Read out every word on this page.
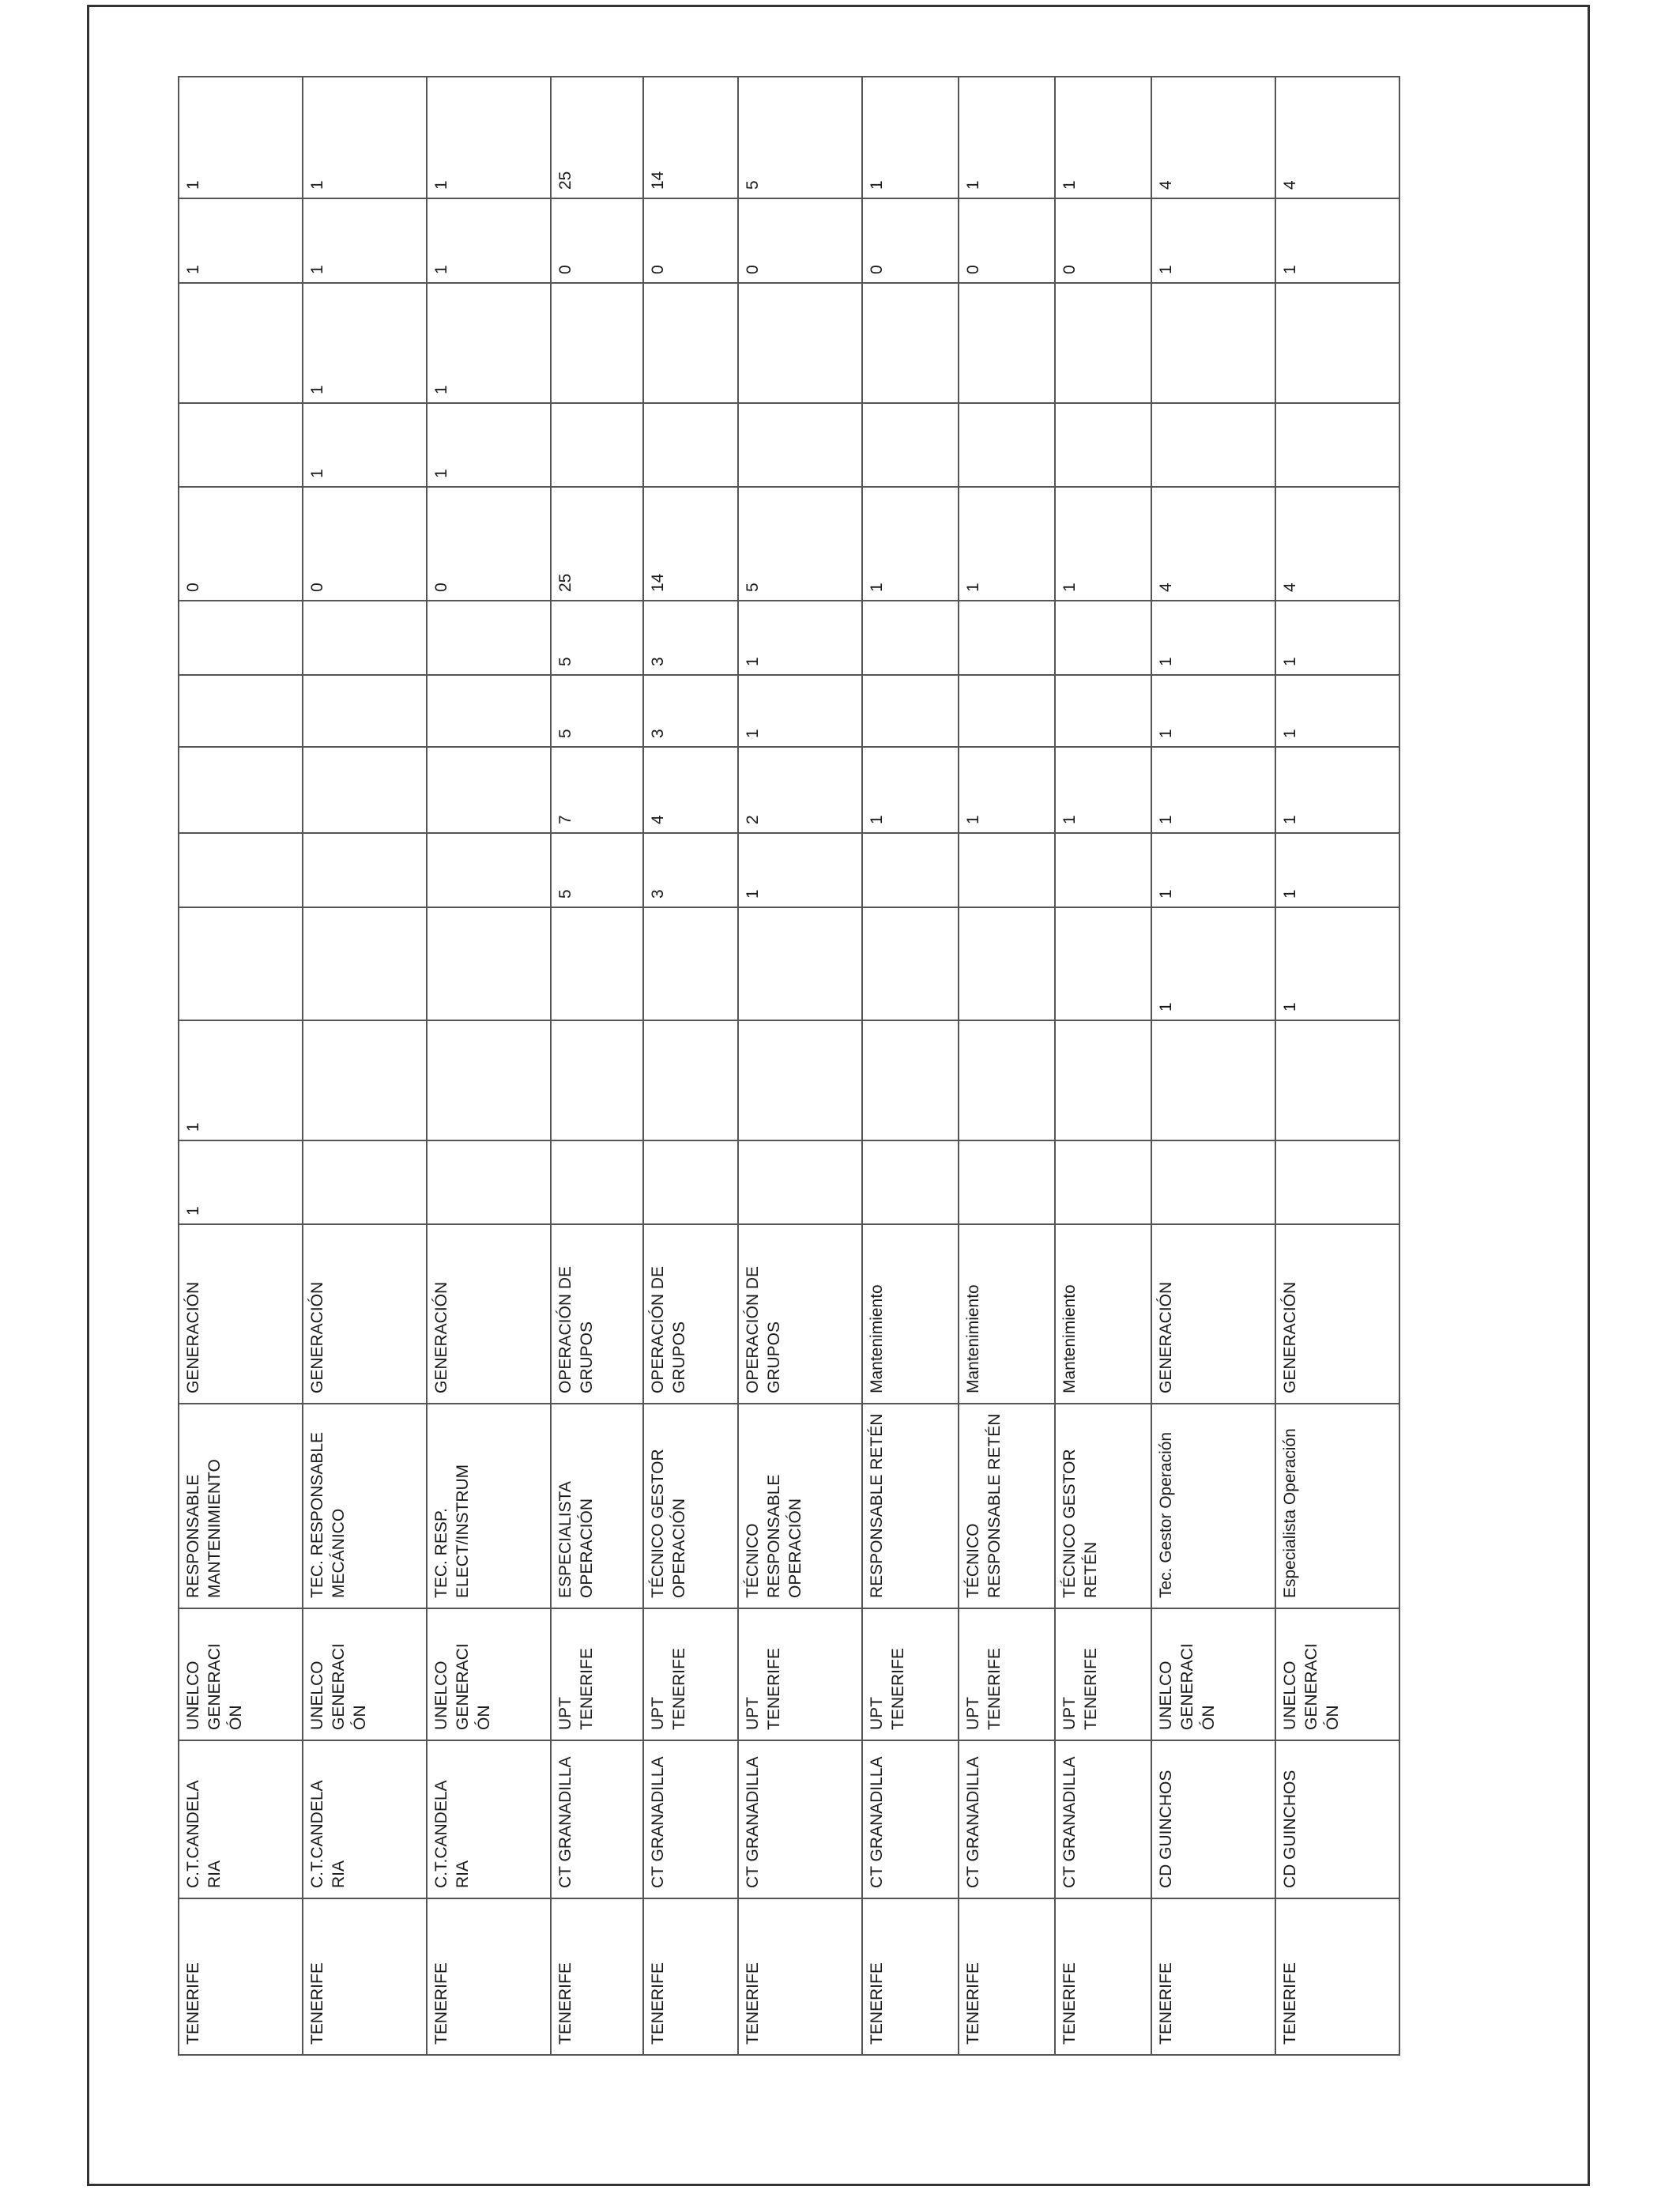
TENERIFE	C.T.CANDELA RIA	UNELCO GENERACI ÓN	RESPONSABLE MANTENIMIENTO	GENERACIÓN	1	1						0			1	1
TENERIFE	C.T.CANDELA RIA	UNELCO GENERACI ÓN	TEC. RESPONSABLE MECÁNICO	GENERACIÓN								0	1	1	1	1
TENERIFE	C.T.CANDELA RIA	UNELCO GENERACI ÓN	TEC. RESP. ELECT/INSTRUM	GENERACIÓN								0	1	1	1	1
TENERIFE	CT GRANADILLA	UPT TENERIFE	ESPECIALISTA OPERACIÓN	OPERACIÓN DE GRUPOS				5	7	5	5	25			0	25
TENERIFE	CT GRANADILLA	UPT TENERIFE	TÉCNICO GESTOR OPERACIÓN	OPERACIÓN DE GRUPOS				3	4	3	3	14			0	14
TENERIFE	CT GRANADILLA	UPT TENERIFE	TÉCNICO RESPONSABLE OPERACIÓN	OPERACIÓN DE GRUPOS				1	2	1	1	5			0	5
TENERIFE	CT GRANADILLA	UPT TENERIFE	RESPONSABLE RETÉN	Mantenimiento					1			1			0	1
TENERIFE	CT GRANADILLA	UPT TENERIFE	TÉCNICO RESPONSABLE RETÉN	Mantenimiento					1			1			0	1
TENERIFE	CT GRANADILLA	UPT TENERIFE	TÉCNICO GESTOR RETÉN	Mantenimiento					1			1			0	1
TENERIFE	CD GUINCHOS	UNELCO GENERACI ÓN	Tec. Gestor Operación	GENERACIÓN			1	1	1	1	1	4			1	4
TENERIFE	CD GUINCHOS	UNELCO GENERACI ÓN	Especialista Operación	GENERACIÓN			1	1	1	1	1	4			1	4
